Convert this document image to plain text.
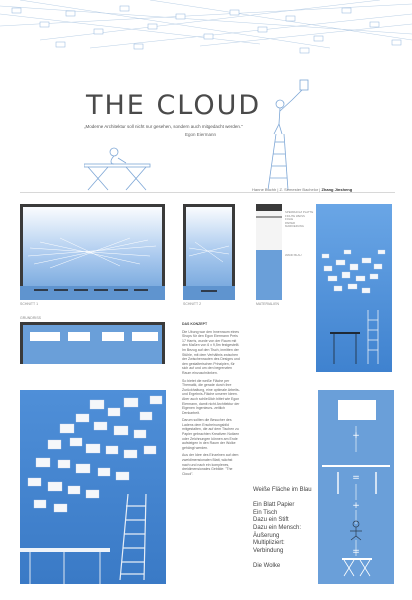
THE CLOUD
„Moderne Architektur soll nicht nur gesehen, sondern auch mitgedacht werden."
Egon Eiermann
Hanne Buchh | Z. Semester Bachelor | Zhang Jinsheng
SCHNITT 1	SCHNITT 2
SPERRHOLZ PLATTE
FICHTE WEISS
FOLIE
PAPIER
MARKIERUNG
WAND BLAU
MATERIALIEN
GRUNDRISS

DAS KONZEPT

Die Ubung war den Innenraum eines Shops für den Egon Eiermann Preis 17 Harris, wurde von der Raum mit den Maßen von 6 x 9,5m festgestellt. Im Bezug auf den Tisch, inmitten der Stühle, mit dem Verhältnis zwischen der Zwischenrauten des Designs und den gestalterischen Prinzipien, für sich auf und um den begrenzten Raum einzuschränken.

So bietet die weiße Fläche per Thematik, die gerade durch ihre Zurückhaltung, eine optimale Arbeits- und Ergebnis-Fläche unserer Ideen. Aber auch schließlich bittet wie Egon Eiermann, damit nicht Architektur der Eigenen Ingenieurs- zeitlich Denkarbeit.

Darum sollten die Besucher des Ladens dem Erscheinungsbild mitgestalten, die auf dem Tischen zu Papier gebrachten Kreativen Notizen oder Zeichnungen können am Ende aufsteigen in den Raum der Wolke gehängt werden.

Aus der Idee des Einzelnen auf dem zweidimensionalen Blatt, wächst nach und nach ein komplexes, dreidimensionales Gebilde: "The Cloud".

+
=
+
=
Weiße Fläche im Blau

Ein Blatt Papier
Ein Tisch
Dazu ein Stift
Dazu ein Mensch:
Äußerung
Multipliziert:
Verbindung

Die Wolke
